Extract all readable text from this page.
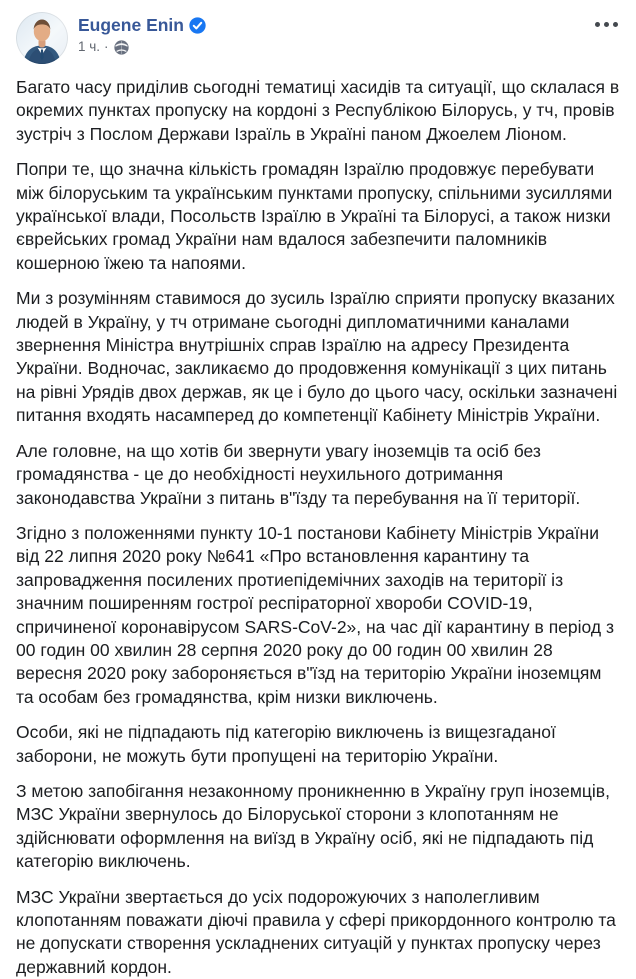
Eugene Enin
1 ч. ·

Багато часу приділив сьогодні тематиці хасидів та ситуації, що склалася в окремих пунктах пропуску на кордоні з Республікою Білорусь, у тч, провів зустріч з Послом Держави Ізраїль в Україні паном Джоелем Ліоном.

Попри те, що значна кількість громадян Ізраїлю продовжує перебувати між білоруським та українським пунктами пропуску, спільними зусиллями української влади, Посольств Ізраїлю в Україні та Білорусі, а також низки єврейських громад України нам вдалося забезпечити паломників кошерною їжею та напоями.

Ми з розумінням ставимося до зусиль Ізраїлю сприяти пропуску вказаних людей в Україну, у тч отримане сьогодні дипломатичними каналами звернення Міністра внутрішніх справ Ізраїлю на адресу Президента України. Водночас, закликаємо до продовження комунікації з цих питань на рівні Урядів двох держав, як це і було до цього часу, оскільки зазначені питання входять насамперед до компетенції Кабінету Міністрів України.

Але головне, на що хотів би звернути увагу іноземців та осіб без громадянства - це до необхідності неухильного дотримання законодавства України з питань в"їзду та перебування на її території.

Згідно з положеннями пункту 10-1 постанови Кабінету Міністрів України від 22 липня 2020 року №641 «Про встановлення карантину та запровадження посилених протиепідемічних заходів на території із значним поширенням гострої респіраторної хвороби COVID-19, спричиненої коронавірусом SARS-CoV-2», на час дії карантину в період з 00 годин 00 хвилин 28 серпня 2020 року до 00 годин 00 хвилин 28 вересня 2020 року забороняється в"їзд на територію України іноземцям та особам без громадянства, крім низки виключень.

Особи, які не підпадають під категорію виключень із вищезгаданої заборони, не можуть бути пропущені на територію України.

З метою запобігання незаконному проникненню в Україну груп іноземців, МЗС України звернулось до Білоруської сторони з клопотанням не здійснювати оформлення на виїзд в Україну осіб, які не підпадають під категорію виключень.

МЗС України звертається до усіх подорожуючих з наполегливим клопотанням поважати діючі правила у сфері прикордонного контролю та не допускати створення ускладнених ситуацій у пунктах пропуску через державний кордон.
